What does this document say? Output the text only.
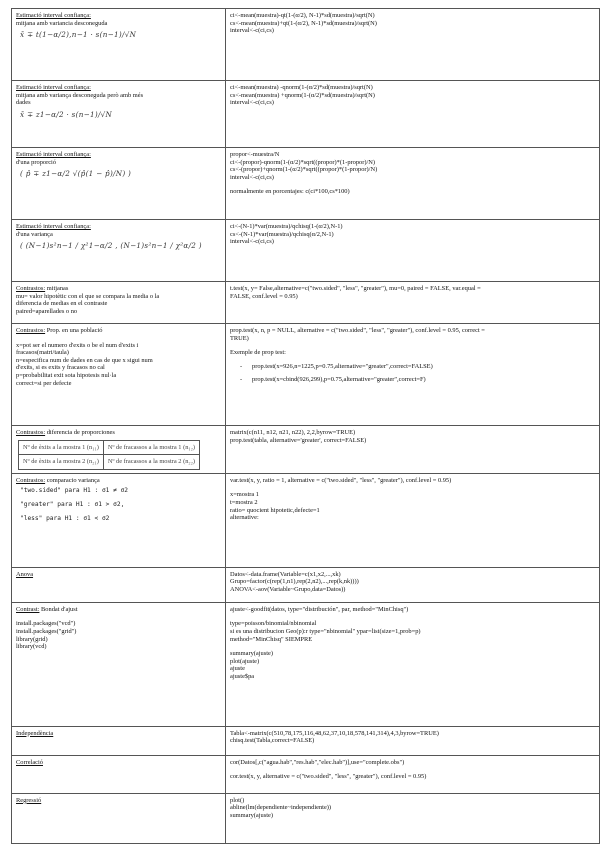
Estimació interval confiança:
mitjana amb variancia desconeguda
x̄ ∓ t(1−α/2),n−1 · s(n−1)/√N

ci<-mean(muestra)-qt(1-(α/2), N-1)*sd(muestra)/sqrt(N)
cs<-mean(muestra)+qt(1-(α/2), N-1)*sd(muestra)/sqrt(N)
interval<-c(ci,cs)

Estimació interval confiança:
mitjana amb variança desconeguda però amb més
dades
x̄ ∓ z1−α/2 · s(n−1)/√N

ci<-mean(muestra) -qnorm(1-(α/2)*sd(muestra)/sqrt(N)
cs<-mean(muestra) +qnorm(1-(α/2)*sd(muestra)/sqrt(N)
interval<-c(ci,cs)

Estimació interval confiança:
d'una proporció
( p̂ ∓ z1−α/2 √(p̂(1 − p̂)/N) )

propor<-muestra/N
ci<-(propor)-qnorm(1-(α/2)*sqrt((propor)*(1-propor)/N)
cs<-(propor)+qnorm(1-(α/2)*sqrt((propor)*(1-propor)/N)
interval<-c(ci,cs)
normalmente en porcentajes: c(ci*100,cs*100)

Estimació interval confiança:
d'una variança
( (N−1)s²n−1 / χ²1−α/2 , (N−1)s²n−1 / χ²α/2 )

ci<-(N-1)*var(muestra)/qchisq(1-(α/2),N-1)
cs<-(N-1)*var(muestra)/qchisq(α/2,N-1)
interval<-c(ci,cs)

Contrastos: mitjanas
mu= valor hipotètic con el que se compara la media o la
diferencia de medias en el contraste
paired=aparellades o no

t.test(x, y= False,alternative=c("two.sided", "less", "greater"), mu=0, paired = FALSE, var.equal =
FALSE, conf.level = 0.95)

Contrastos: Prop. en una població
x=pot ser el numero d'exits o be el num d'exits i
fracasos(matri/taula)
n=especifica num de dades en cas de que x sigui num
d'exits, si es exits y fracasos no cal
p=probabilitat exit sota hipotesis nul·la
correct=si per defecte

prop.test(x, n, p = NULL, alternative = c("two.sided", "less", "greater"), conf.level = 0.95, correct =
TRUE)
Exemple de prop test:
- prop.test(x=926,n=1225,p=0.75,alternative="greater",correct=FALSE)
- prop.test(x=cbind(926,299),p=0.75,alternative="greater",correct=F)

Contrastos: diferencia de proporciones
Nº de èxits a la mostra 1 (n₁₁)	Nº de fracassos a la mostra 1 (n₁₂)
Nº de èxits a la mostra 2 (n₂₁)	Nº de fracassos a la mostra 2 (n₂₂)

matrix(c(n11, n12, n21, n22), 2,2,byrow=TRUE)
prop.test(tabla, alternative='greater', correct=FALSE)

Contrastos: comparacio variança
"two.sided" para H1 : σ1 ≠ σ2
"greater" para H1 : σ1 > σ2,
"less" para H1 : σ1 < σ2

var.test(x, y, ratio = 1, alternative = c("two.sided", "less", "greater"), conf.level = 0.95)
x=mostra 1
t=mostra 2
ratio= quocient hipotetic,defecte=1
alternative:

Anova	Datos<-data.frame(Variable=c(x1,x2,...,xk)
Grupo=factor(c(rep(1,n1),rep(2,n2),...,rep(k,nk))))
ANOVA<-aov(Variable~Grupo,data=Datos))

Contrast: Bondat d'ajust
install.packages("vcd")
install.packages("grid")
library(grid)
library(vcd)

ajuste<-goodfit(datos, type="distribución", par, method="MinChisq")
type=poisson/binomial/nbinomial
si es una distribucion Geo(p):r type="nbinomial" ypar=list(size=1,prob=p)
method="MinChisq" SIEMPRE
summary(ajuste)
plot(ajuste)
ajuste
ajuste$pa

Independència	Tabla<-matrix(c(510,78,175,116,48,62,37,10,18,578,141,314),4,3,byrow=TRUE)
chisq.test(Tabla,correct=FALSE)

Correlació	cor(Datos[,c("agua.hab","res.hab","elec.hab")],use="complete.obs")
cor.test(x, y, alternative = c("two.sided", "less", "greater"), conf.level = 0.95)

Regressió	plot()
abline(lm(dependiente~independiente))
summary(ajuste)
